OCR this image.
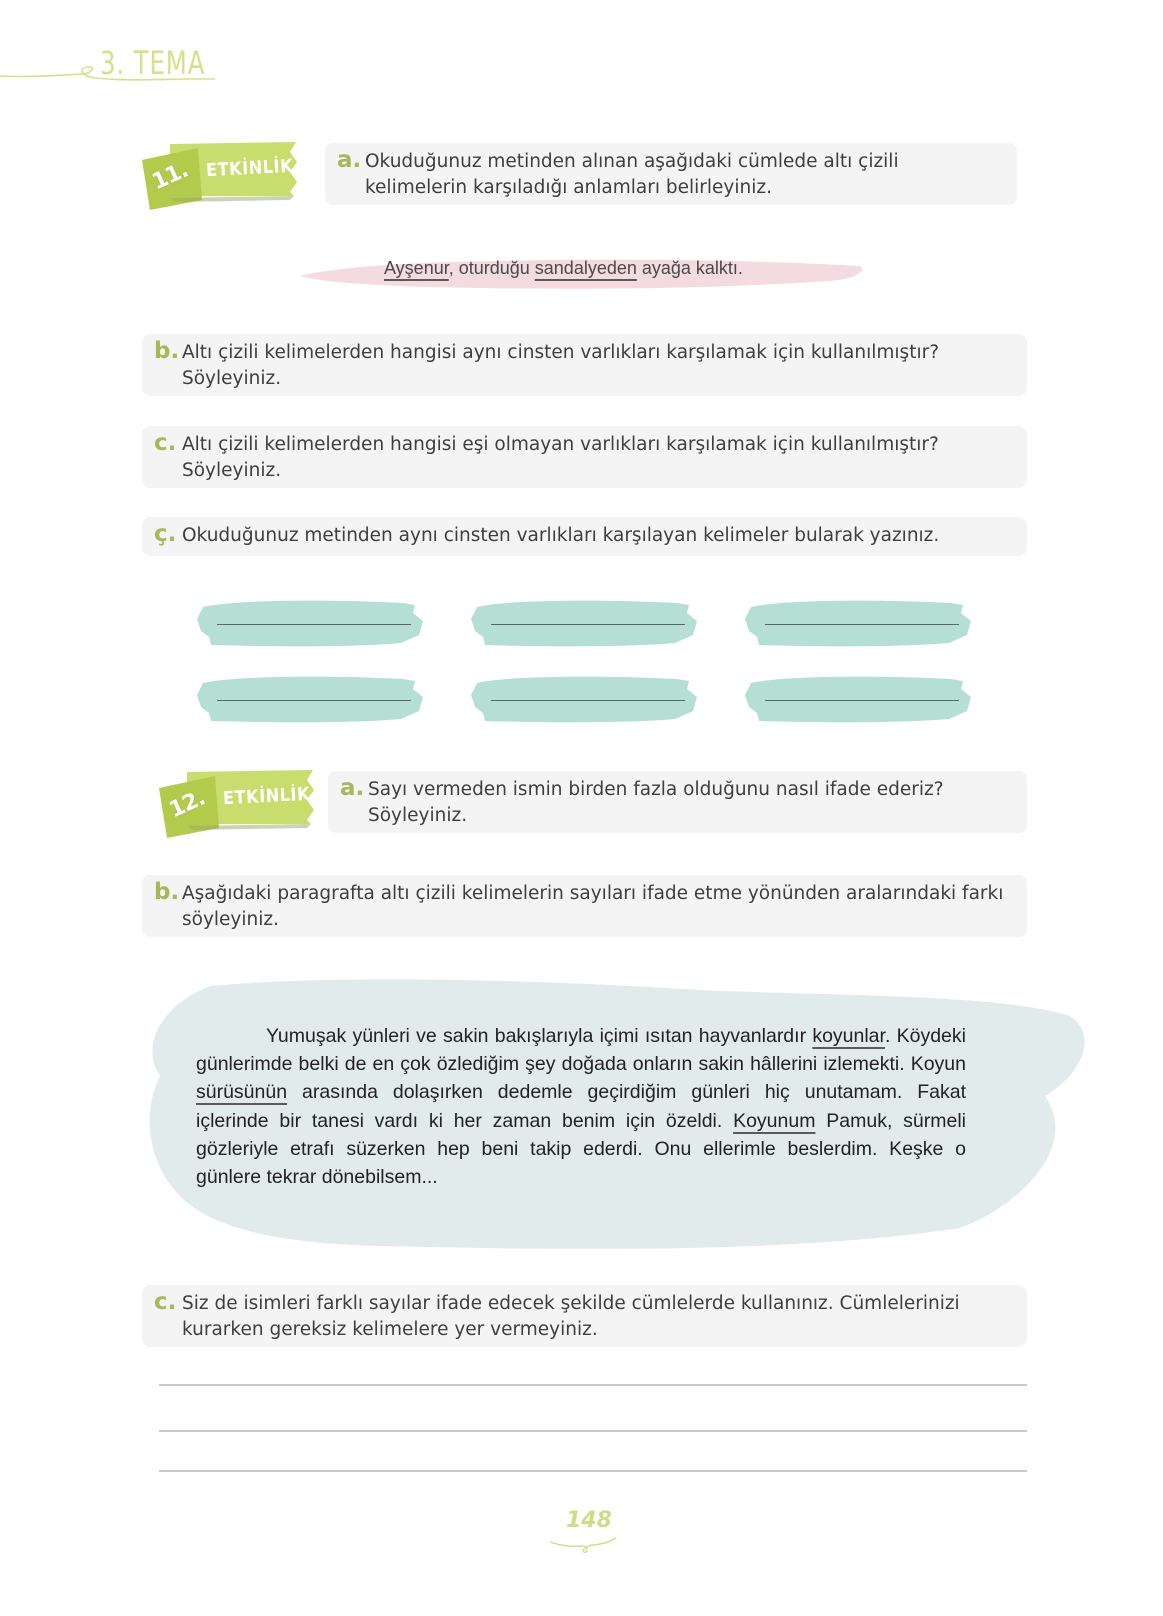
3. TEMA
11. ETKİNLİK a. Okuduğunuz metinden alınan aşağıdaki cümlede altı çizili kelimelerin karşıladığı anlamları belirleyiniz.
Ayşenur, oturduğu sandalyeden ayağa kalktı.
b. Altı çizili kelimelerden hangisi aynı cinsten varlıkları karşılamak için kullanılmıştır? Söyleyiniz.
c. Altı çizili kelimelerden hangisi eşi olmayan varlıkları karşılamak için kullanılmıştır? Söyleyiniz.
ç. Okuduğunuz metinden aynı cinsten varlıkları karşılayan kelimeler bularak yazınız.
12. ETKİNLİK a. Sayı vermeden ismin birden fazla olduğunu nasıl ifade ederiz? Söyleyiniz.
b. Aşağıdaki paragrafta altı çizili kelimelerin sayıları ifade etme yönünden aralarındaki farkı söyleyiniz.
Yumuşak yünleri ve sakin bakışlarıyla içimi ısıtan hayvanlardır koyunlar. Köydeki günlerimde belki de en çok özlediğim şey doğada onların sakin hâllerini izlemekti. Koyun sürüsünün arasında dolaşırken dedemle geçirdiğim günleri hiç unutamam. Fakat içlerinde bir tanesi vardı ki her zaman benim için özeldi. Koyunum Pamuk, sürmeli gözleriyle etrafı süzerken hep beni takip ederdi. Onu ellerimle beslerdim. Keşke o günlere tekrar dönebilsem...
c. Siz de isimleri farklı sayılar ifade edecek şekilde cümlelerde kullanınız. Cümlelerinizi kurarken gereksiz kelimelere yer vermeyiniz.
148
